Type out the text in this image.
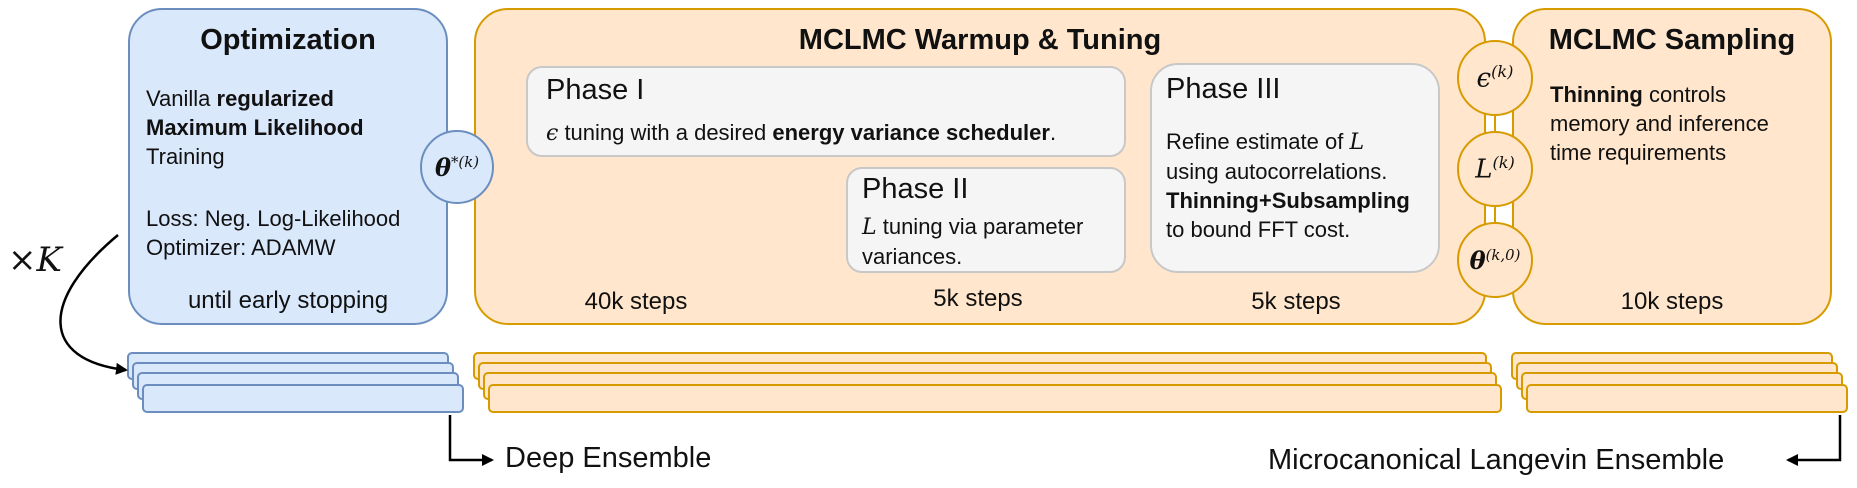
Optimization
Vanilla regularized
Maximum Likelihood
Training
Loss: Neg. Log-Likelihood
Optimizer: ADAMW
until early stopping
MCLMC Warmup & Tuning
40k steps	5k steps	5k steps
Phase I
ϵ tuning with a desired energy variance scheduler.
Phase II
L tuning via parameter variances.
Phase III
Refine estimate of L
using autocorrelations.
Thinning+Subsampling
to bound FFT cost.
MCLMC Sampling
Thinning controls memory and inference time requirements
10k steps
$\theta^{*(k)}$
$\epsilon^{(k)}$
$L^{(k)}$
$\theta^{(k,0)}$
×K
Deep Ensemble	Microcanonical Langevin Ensemble
